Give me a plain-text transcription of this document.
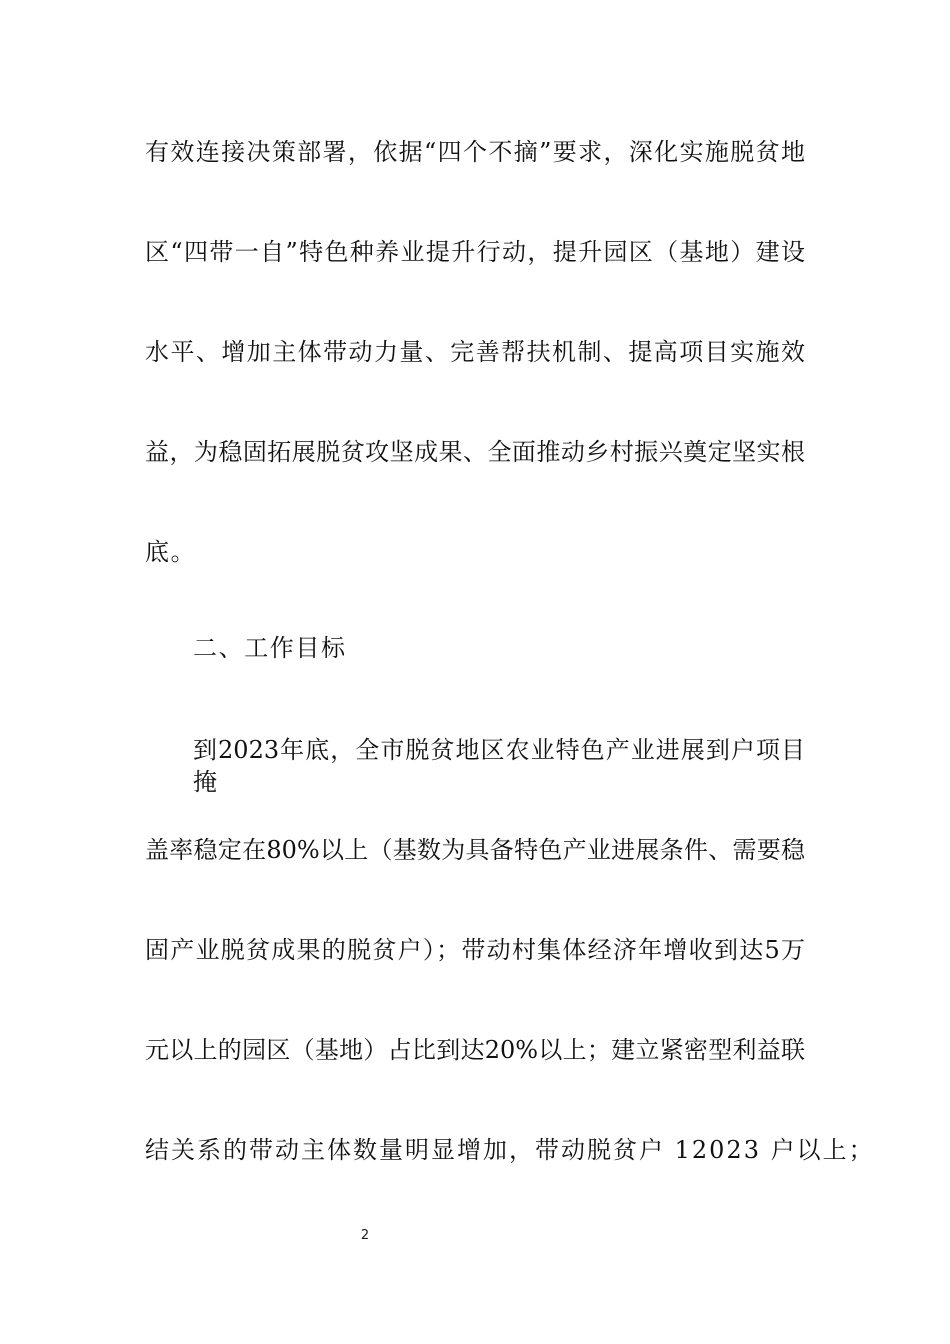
有效连接决策部署，依据“四个不摘”要求，深化实施脱贫地
区“四带一自”特色种养业提升行动，提升园区（基地）建设
水平、增加主体带动力量、完善帮扶机制、提高项目实施效
益，为稳固拓展脱贫攻坚成果、全面推动乡村振兴奠定坚实根
底。
二、工作目标
到2023年底，全市脱贫地区农业特色产业进展到户项目掩
盖率稳定在80%以上（基数为具备特色产业进展条件、需要稳
固产业脱贫成果的脱贫户）；带动村集体经济年增收到达5万
元以上的园区（基地）占比到达20%以上；建立紧密型利益联
结关系的带动主体数量明显增加，带动脱贫户 12023 户以上；
2
